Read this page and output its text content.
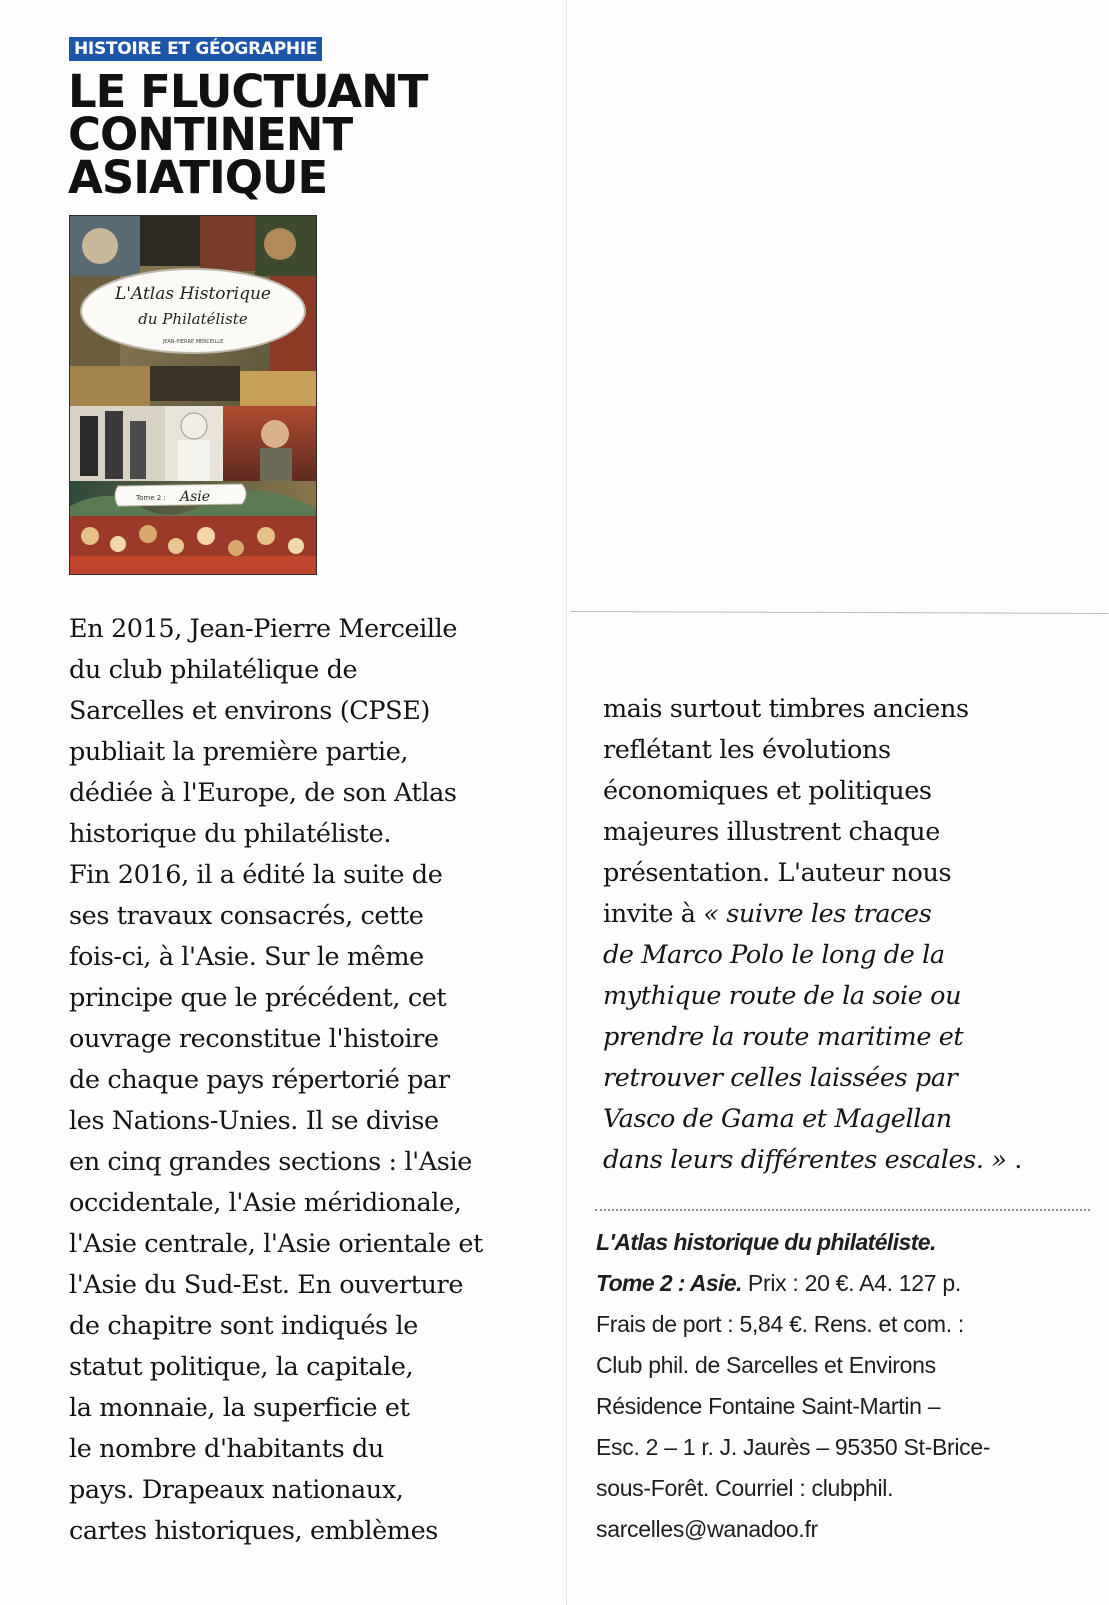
HISTOIRE ET GÉOGRAPHIE
LE FLUCTUANT
CONTINENT
ASIATIQUE
L'Atlas Historique
du Philatéliste
JEAN-PIERRE MERCEILLE
Tome 2 : Asie
En 2015, Jean-Pierre Merceille
du club philatélique de
Sarcelles et environs (CPSE)
publiait la première partie,
dédiée à l'Europe, de son Atlas
historique du philatéliste.
Fin 2016, il a édité la suite de
ses travaux consacrés, cette
fois-ci, à l'Asie. Sur le même
principe que le précédent, cet
ouvrage reconstitue l'histoire
de chaque pays répertorié par
les Nations-Unies. Il se divise
en cinq grandes sections : l'Asie
occidentale, l'Asie méridionale,
l'Asie centrale, l'Asie orientale et
l'Asie du Sud-Est. En ouverture
de chapitre sont indiqués le
statut politique, la capitale,
la monnaie, la superficie et
le nombre d'habitants du
pays. Drapeaux nationaux,
cartes historiques, emblèmes
mais surtout timbres anciens
reflétant les évolutions
économiques et politiques
majeures illustrent chaque
présentation. L'auteur nous
invite à « suivre les traces
de Marco Polo le long de la
mythique route de la soie ou
prendre la route maritime et
retrouver celles laissées par
Vasco de Gama et Magellan
dans leurs différentes escales. » .
L'Atlas historique du philatéliste.
Tome 2 : Asie. Prix : 20 €. A4. 127 p.
Frais de port : 5,84 €. Rens. et com. :
Club phil. de Sarcelles et Environs
Résidence Fontaine Saint-Martin –
Esc. 2 – 1 r. J. Jaurès – 95350 St-Brice-
sous-Forêt. Courriel : clubphil.
sarcelles@wanadoo.fr
